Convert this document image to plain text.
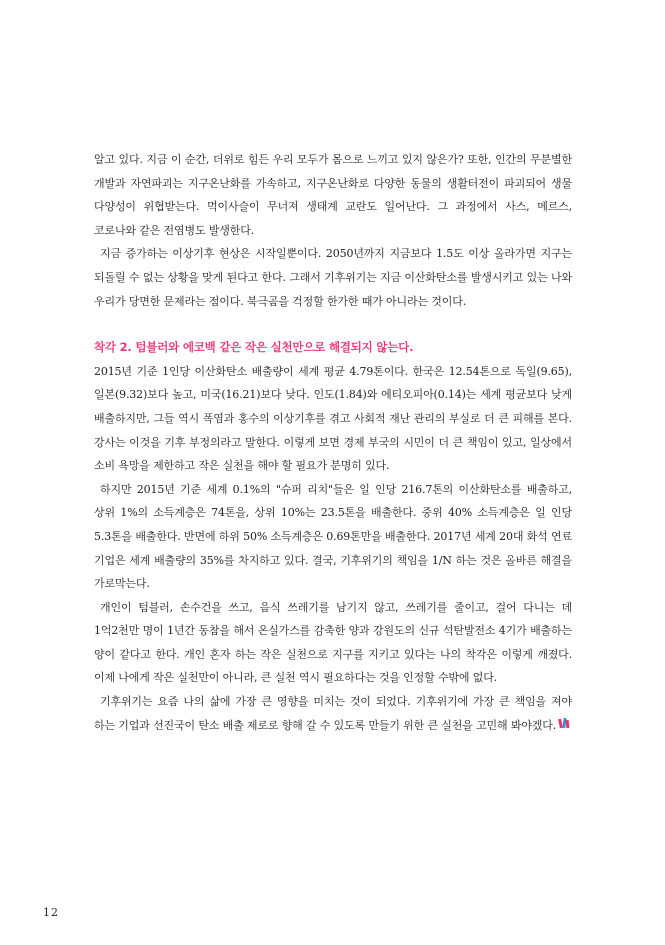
알고 있다. 지금 이 순간, 더위로 힘든 우리 모두가 몸으로 느끼고 있지 않은가? 또한, 인간의 무분별한 개발과 자연파괴는 지구온난화를 가속하고, 지구온난화로 다양한 동물의 생활터전이 파괴되어 생물 다양성이 위협받는다. 먹이사슬이 무너져 생태계 교란도 일어난다. 그 과정에서 사스, 메르스, 코로나와 같은 전염병도 발생한다.

지금 증가하는 이상기후 현상은 시작일뿐이다. 2050년까지 지금보다 1.5도 이상 올라가면 지구는 되돌릴 수 없는 상황을 맞게 된다고 한다. 그래서 기후위기는 지금 이산화탄소를 발생시키고 있는 나와 우리가 당면한 문제라는 점이다. 북극곰을 걱정할 한가한 때가 아니라는 것이다.

착각 2. 텀블러와 에코백 같은 작은 실천만으로 해결되지 않는다.

2015년 기준 1인당 이산화탄소 배출량이 세계 평균 4.79톤이다. 한국은 12.54톤으로 독일(9.65), 일본(9.32)보다 높고, 미국(16.21)보다 낮다. 인도(1.84)와 에티오피아(0.14)는 세계 평균보다 낮게 배출하지만, 그들 역시 폭염과 홍수의 이상기후를 겪고 사회적 재난 관리의 부실로 더 큰 피해를 본다. 강사는 이것을 기후 부정의라고 말한다. 이렇게 보면 경제 부국의 시민이 더 큰 책임이 있고, 일상에서 소비 욕망을 제한하고 작은 실천을 해야 할 필요가 분명히 있다.

하지만 2015년 기준 세계 0.1%의 "슈퍼 리치"들은 일 인당 216.7톤의 이산화탄소를 배출하고, 상위 1%의 소득계층은 74톤을, 상위 10%는 23.5톤을 배출한다. 중위 40% 소득계층은 일 인당 5.3톤을 배출한다. 반면에 하위 50% 소득계층은 0.69톤만을 배출한다. 2017년 세계 20대 화석 연료 기업은 세계 배출량의 35%를 차지하고 있다. 결국, 기후위기의 책임을 1/N 하는 것은 올바른 해결을 가로막는다.

개인이 텀블러, 손수건을 쓰고, 음식 쓰레기를 남기지 않고, 쓰레기를 줄이고, 걸어 다니는 데 1억2천만 명이 1년간 동참을 해서 온실가스를 감축한 양과 강원도의 신규 석탄발전소 4기가 배출하는 양이 같다고 한다. 개인 혼자 하는 작은 실천으로 지구를 지키고 있다는 나의 착각은 이렇게 깨졌다. 이제 나에게 작은 실천만이 아니라, 큰 실천 역시 필요하다는 것을 인정할 수밖에 없다.

기후위기는 요즘 나의 삶에 가장 큰 영향을 미치는 것이 되었다. 기후위기에 가장 큰 책임을 져야 하는 기업과 선진국이 탄소 배출 제로로 향해 갈 수 있도록 만들기 위한 큰 실천을 고민해 봐야겠다.

12
